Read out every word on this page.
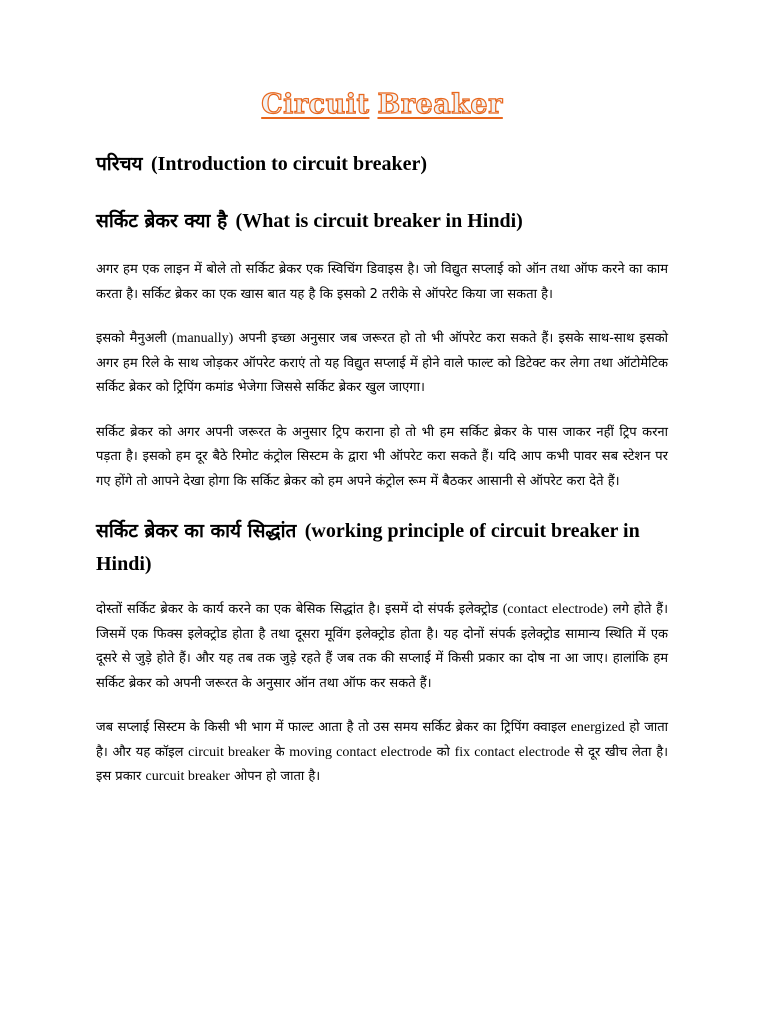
Circuit Breaker
परिचय (Introduction to circuit breaker)
सर्किट ब्रेकर क्या है (What is circuit breaker in Hindi)

अगर हम एक लाइन में बोले तो सर्किट ब्रेकर एक स्विचिंग डिवाइस है। जो विद्युत सप्लाई को ऑन तथा ऑफ करने का काम करता है। सर्किट ब्रेकर का एक खास बात यह है कि इसको 2 तरीके से ऑपरेट किया जा सकता है।

इसको मैनुअली (manually) अपनी इच्छा अनुसार जब जरूरत हो तो भी ऑपरेट करा सकते हैं। इसके साथ-साथ इसको अगर हम रिले के साथ जोड़कर ऑपरेट कराएं तो यह विद्युत सप्लाई में होने वाले फाल्ट को डिटेक्ट कर लेगा तथा ऑटोमेटिक सर्किट ब्रेकर को ट्रिपिंग कमांड भेजेगा जिससे सर्किट ब्रेकर खुल जाएगा।

सर्किट ब्रेकर को अगर अपनी जरूरत के अनुसार ट्रिप कराना हो तो भी हम सर्किट ब्रेकर के पास जाकर नहीं ट्रिप करना पड़ता है। इसको हम दूर बैठे रिमोट कंट्रोल सिस्टम के द्वारा भी ऑपरेट करा सकते हैं। यदि आप कभी पावर सब स्टेशन पर गए होंगे तो आपने देखा होगा कि सर्किट ब्रेकर को हम अपने कंट्रोल रूम में बैठकर आसानी से ऑपरेट करा देते हैं।

सर्किट ब्रेकर का कार्य सिद्धांत (working principle of circuit breaker in Hindi)

दोस्तों सर्किट ब्रेकर के कार्य करने का एक बेसिक सिद्धांत है। इसमें दो संपर्क इलेक्ट्रोड (contact electrode) लगे होते हैं। जिसमें एक फिक्स इलेक्ट्रोड होता है तथा दूसरा मूविंग इलेक्ट्रोड होता है। यह दोनों संपर्क इलेक्ट्रोड सामान्य स्थिति में एक दूसरे से जुड़े होते हैं। और यह तब तक जुड़े रहते हैं जब तक की सप्लाई में किसी प्रकार का दोष ना आ जाए। हालांकि हम सर्किट ब्रेकर को अपनी जरूरत के अनुसार ऑन तथा ऑफ कर सकते हैं।

जब सप्लाई सिस्टम के किसी भी भाग में फाल्ट आता है तो उस समय सर्किट ब्रेकर का ट्रिपिंग क्वाइल energized हो जाता है। और यह कॉइल circuit breaker के moving contact electrode को fix contact electrode से दूर खीच लेता है। इस प्रकार curcuit breaker ओपन हो जाता है।
